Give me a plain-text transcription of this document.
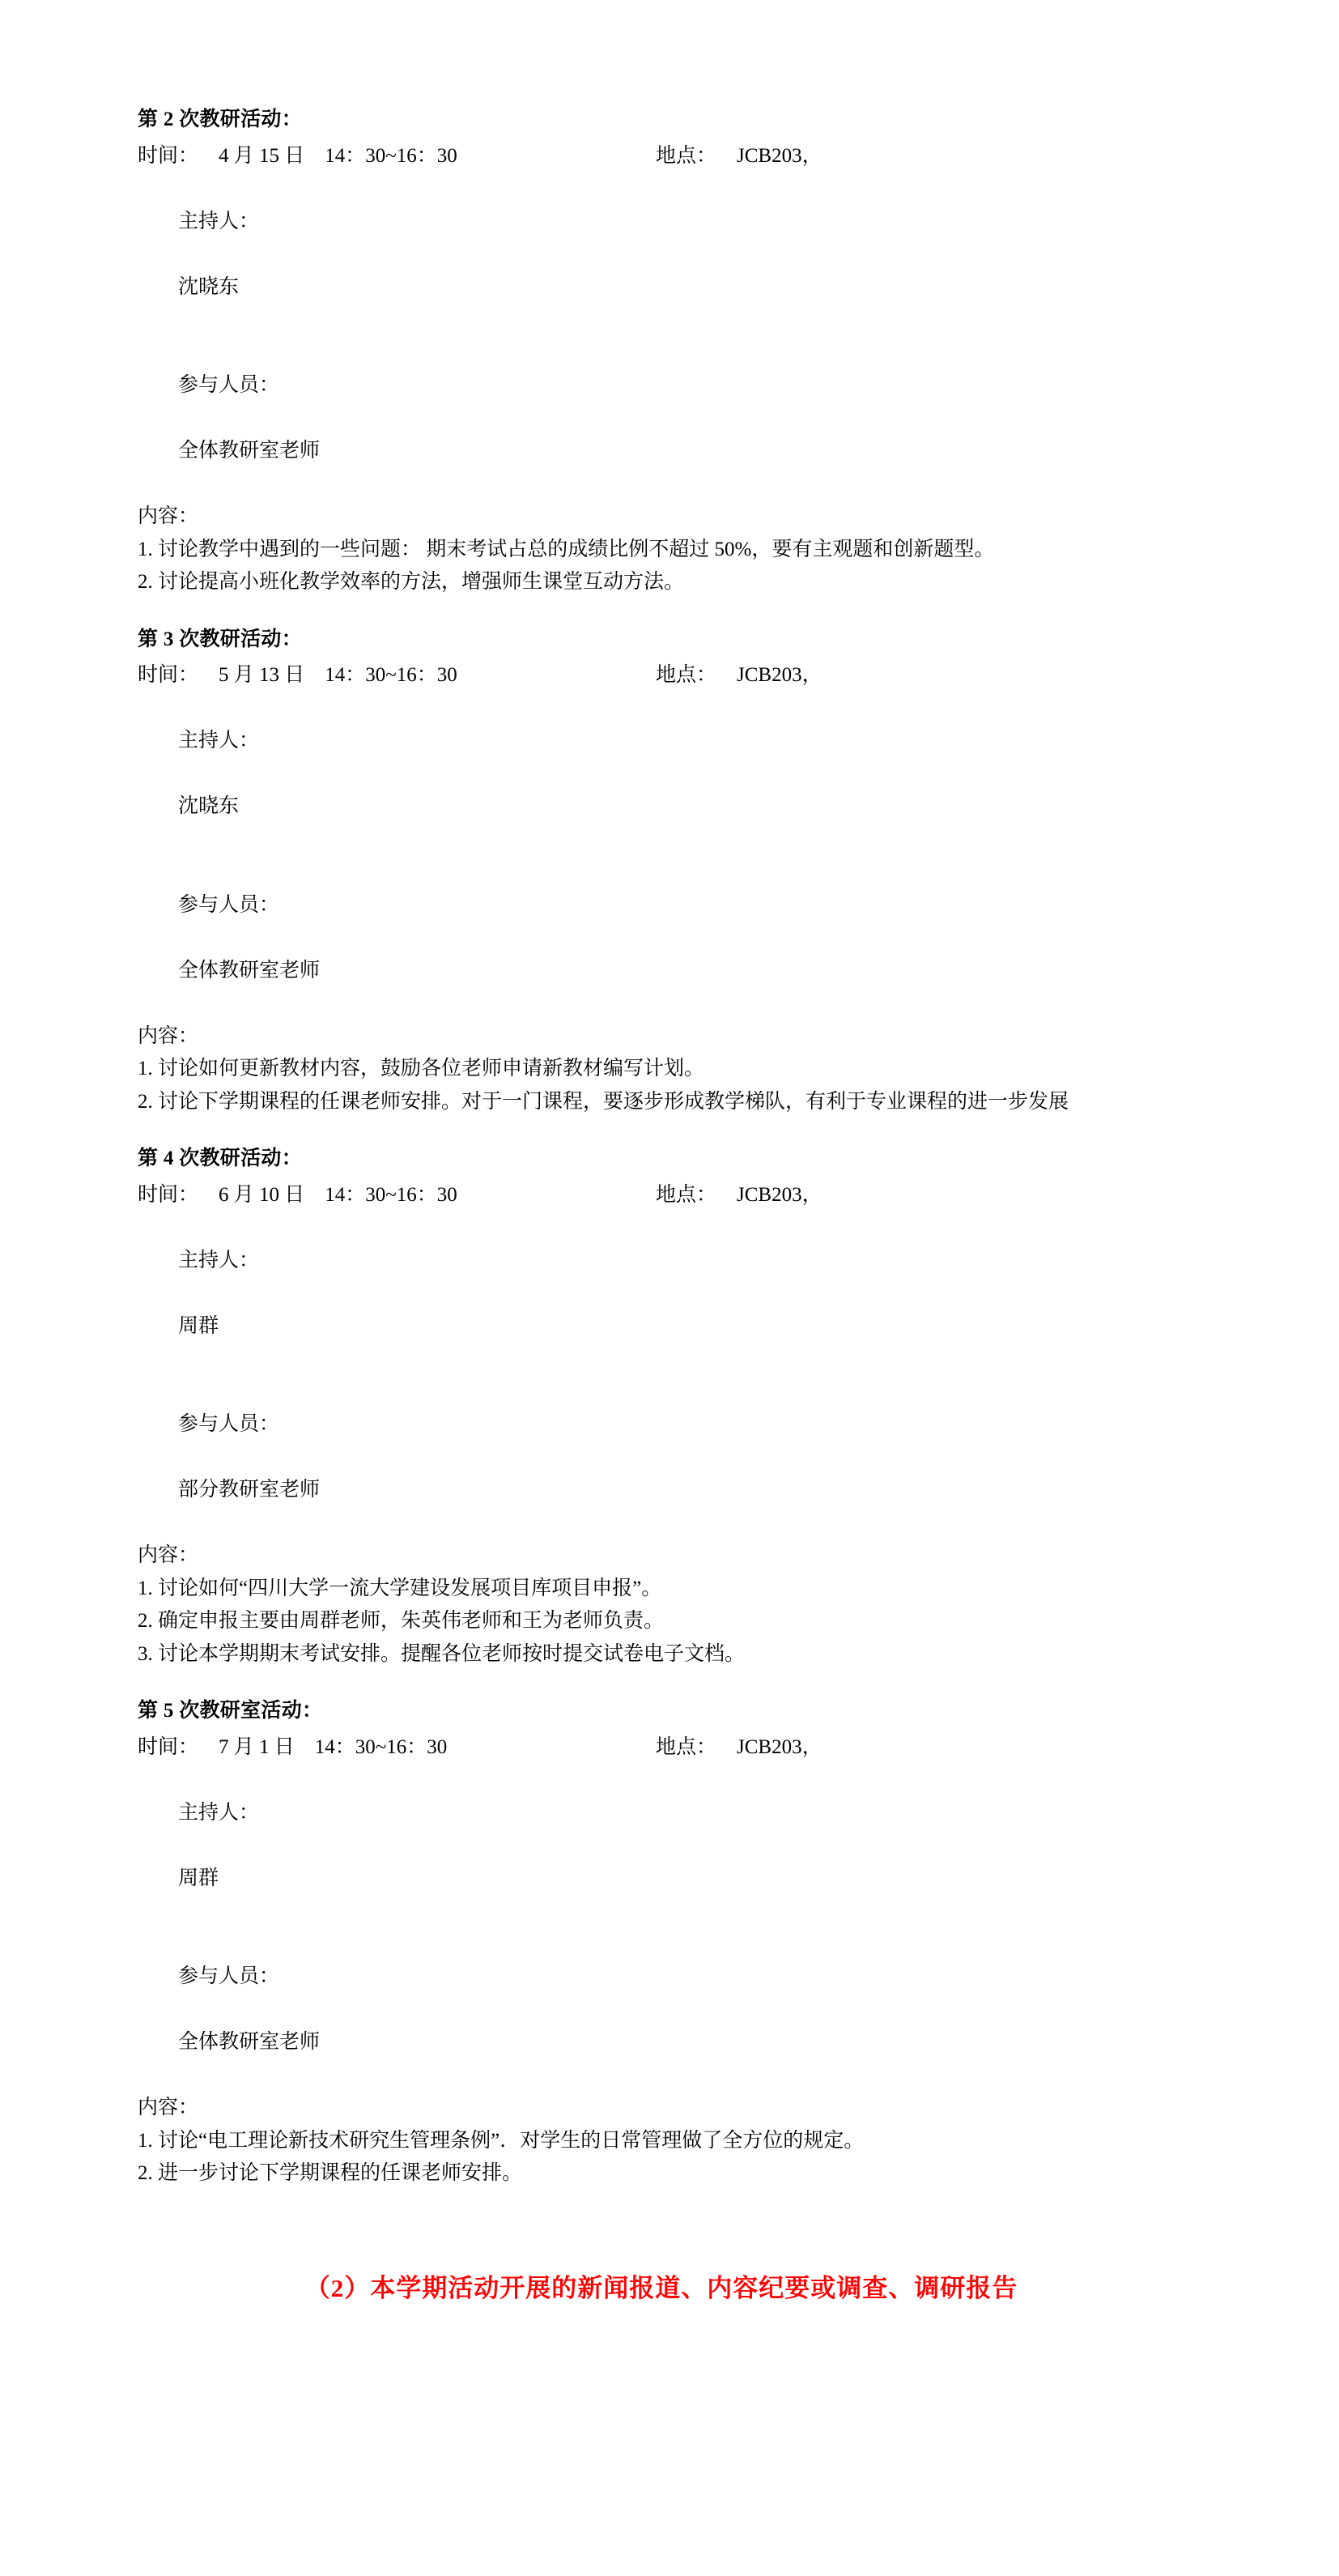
第 2 次教研活动：
时间： 4 月 15 日　14：30~16：30	地点： JCB203，

主持人：

沈晓东

参与人员：

全体教研室老师

内容：
1. 讨论教学中遇到的一些问题： 期末考试占总的成绩比例不超过 50%，要有主观题和创新题型。
2. 讨论提高小班化教学效率的方法，增强师生课堂互动方法。
第 3 次教研活动：
时间： 5 月 13 日　14：30~16：30	地点： JCB203，

主持人：

沈晓东

参与人员：

全体教研室老师

内容：
1. 讨论如何更新教材内容，鼓励各位老师申请新教材编写计划。
2. 讨论下学期课程的任课老师安排。对于一门课程，要逐步形成教学梯队，有利于专业课程的进一步发展
第 4 次教研活动：
时间： 6 月 10 日　14：30~16：30	地点： JCB203，

主持人：

周群

参与人员：

部分教研室老师

内容：
1. 讨论如何“四川大学一流大学建设发展项目库项目申报”。
2. 确定申报主要由周群老师，朱英伟老师和王为老师负责。
3. 讨论本学期期末考试安排。提醒各位老师按时提交试卷电子文档。
第 5 次教研室活动：
时间： 7 月 1 日　14：30~16：30	地点： JCB203，

主持人：

周群

参与人员：

全体教研室老师

内容：
1. 讨论“电工理论新技术研究生管理条例”．对学生的日常管理做了全方位的规定。
2. 进一步讨论下学期课程的任课老师安排。
（2）本学期活动开展的新闻报道、内容纪要或调查、调研报告
